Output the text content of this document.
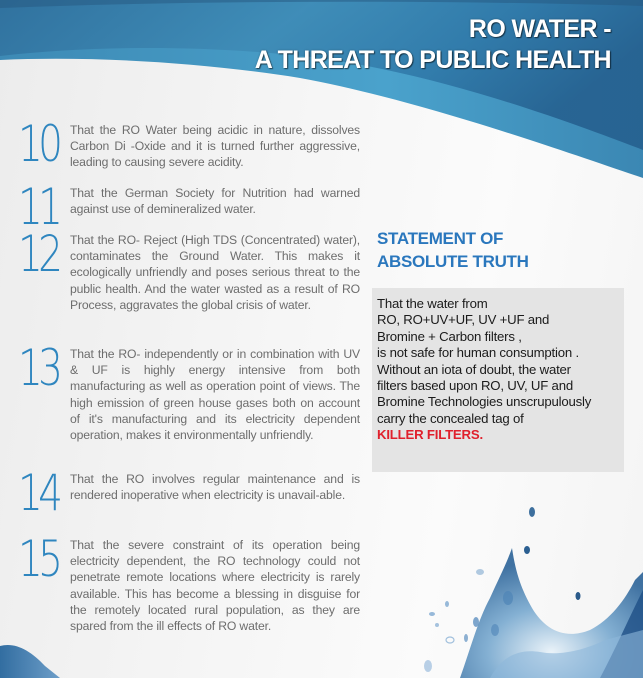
RO WATER -
A THREAT TO PUBLIC HEALTH
10 That the RO Water being acidic in nature, dissolves Carbon Di -Oxide and it is turned further aggressive, leading to causing severe acidity.
11 That the German Society for Nutrition had warned against use of demineralized water.
12 That the RO- Reject (High TDS (Concentrated) water), contaminates the Ground Water. This makes it ecologically unfriendly and poses serious threat to the public health. And the water wasted as a result of RO Process, aggravates the global crisis of water.
13 That the RO- independently or in combination with UV & UF is highly energy intensive from both manufacturing as well as operation point of views. The high emission of green house gases both on account of it's manufacturing and its electricity dependent operation, makes it environmentally unfriendly.
14 That the RO involves regular maintenance and is rendered inoperative when electricity is unavail-able.
15 That the severe constraint of its operation being electricity dependent, the RO technology could not penetrate remote locations where electricity is rarely available. This has become a blessing in disguise for the remotely located rural population, as they are spared from the ill effects of RO water.
STATEMENT OF
ABSOLUTE TRUTH
That the water from
RO, RO+UV+UF, UV +UF and
Bromine + Carbon filters ,
is not safe for human consumption .
Without an iota of doubt, the water
filters based upon RO, UV, UF and
Bromine Technologies unscrupulously
carry the concealed tag of
KILLER FILTERS.
